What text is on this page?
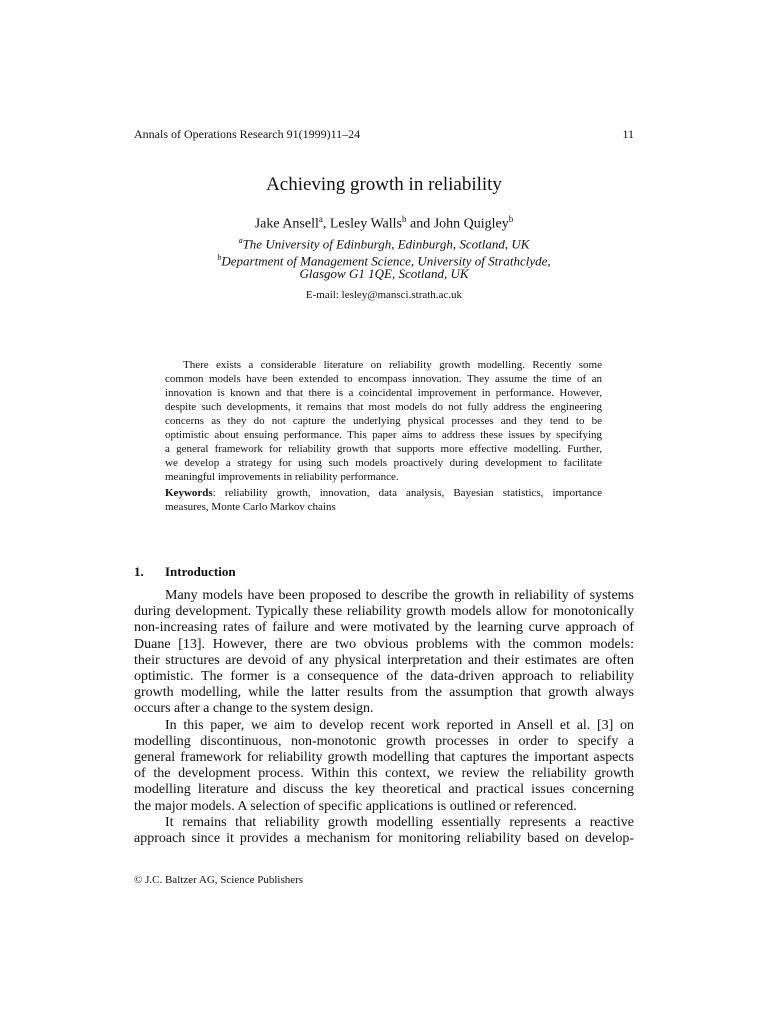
Annals of Operations Research 91(1999)11–24	11
Achieving growth in reliability
Jake Ansell$^a$, Lesley Walls$^b$ and John Quigley$^b$
$^a$The University of Edinburgh, Edinburgh, Scotland, UK
$^b$Department of Management Science, University of Strathclyde,
Glasgow G1 1QE, Scotland, UK
E-mail: lesley@mansci.strath.ac.uk
There exists a considerable literature on reliability growth modelling. Recently some
common models have been extended to encompass innovation. They assume the time of an
innovation is known and that there is a coincidental improvement in performance. However,
despite such developments, it remains that most models do not fully address the engineering
concerns as they do not capture the underlying physical processes and they tend to be
optimistic about ensuing performance. This paper aims to address these issues by specifying
a general framework for reliability growth that supports more effective modelling. Further,
we develop a strategy for using such models proactively during development to facilitate
meaningful improvements in reliability performance.
Keywords: reliability growth, innovation, data analysis, Bayesian statistics, importance
measures, Monte Carlo Markov chains
1. Introduction
Many models have been proposed to describe the growth in reliability of systems
during development. Typically these reliability growth models allow for monotonically
non-increasing rates of failure and were motivated by the learning curve approach of
Duane [13]. However, there are two obvious problems with the common models:
their structures are devoid of any physical interpretation and their estimates are often
optimistic. The former is a consequence of the data-driven approach to reliability
growth modelling, while the latter results from the assumption that growth always
occurs after a change to the system design.
In this paper, we aim to develop recent work reported in Ansell et al. [3] on
modelling discontinuous, non-monotonic growth processes in order to specify a
general framework for reliability growth modelling that captures the important aspects
of the development process. Within this context, we review the reliability growth
modelling literature and discuss the key theoretical and practical issues concerning
the major models. A selection of specific applications is outlined or referenced.
It remains that reliability growth modelling essentially represents a reactive
approach since it provides a mechanism for monitoring reliability based on develop-
© J.C. Baltzer AG, Science Publishers
